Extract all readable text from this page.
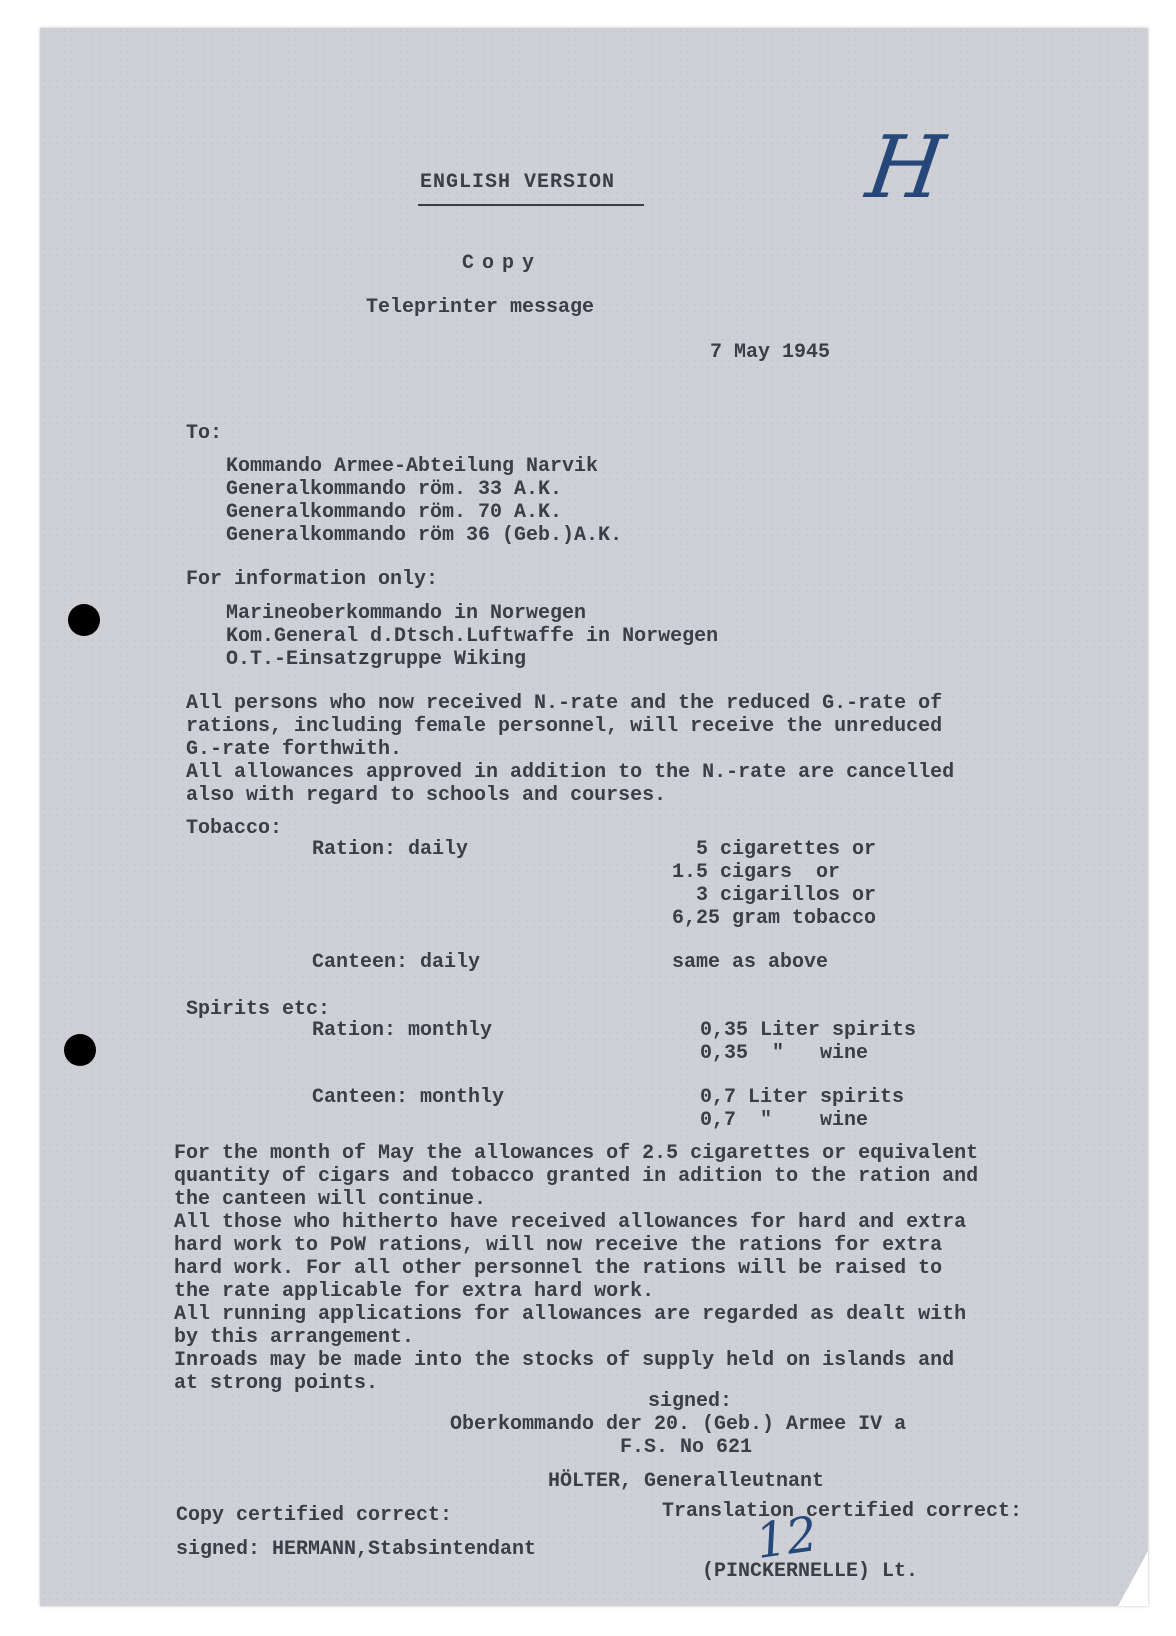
H

ENGLISH VERSION

Copy

Teleprinter message

7 May 1945

To:

Kommando Armee-Abteilung Narvik
Generalkommando röm. 33 A.K.
Generalkommando röm. 70 A.K.
Generalkommando röm 36 (Geb.)A.K.

For information only:

Marineoberkommando in Norwegen
Kom.General d.Dtsch.Luftwaffe in Norwegen
O.T.-Einsatzgruppe Wiking
All persons who now received N.-rate and the reduced G.-rate of
rations, including female personnel, will receive the unreduced
G.-rate forthwith.
All allowances approved in addition to the N.-rate are cancelled
also with regard to schools and courses.

Tobacco:

Ration: daily	5 cigarettes or
1.5 cigars  or
3 cigarillos or
6,25 gram tobacco

Canteen: daily	same as above

Spirits etc:

Ration: monthly	0,35 Liter spirits
0,35  "   wine

Canteen: monthly	0,7 Liter spirits
0,7  "    wine
For the month of May the allowances of 2.5 cigarettes or equivalent
quantity of cigars and tobacco granted in adition to the ration and
the canteen will continue.
All those who hitherto have received allowances for hard and extra
hard work to PoW rations, will now receive the rations for extra
hard work. For all other personnel the rations will be raised to
the rate applicable for extra hard work.
All running applications for allowances are regarded as dealt with
by this arrangement.
Inroads may be made into the stocks of supply held on islands and
at strong points.

signed:

Oberkommando der 20. (Geb.) Armee IV a

F.S. No 621

HÖLTER, Generalleutnant

Copy certified correct:

signed: HERMANN,Stabsintendant

Translation certified correct:

(PINCKERNELLE) Lt.

12
